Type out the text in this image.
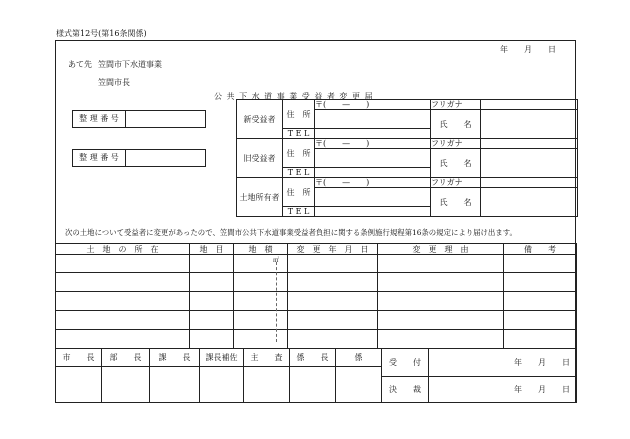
様式第12号(第16条関係)
年　　月　　日
あて先 笠間市下水道事業
笠間市長
公 共 下 水 道 事 業 受 益 者 変 更 届
整 理 番 号
整 理 番 号
新受益者	住　所	〒(　　—　　)	フリガナ	
			氏　　名	
	T E L			
旧受益者	住　所	〒(　　—　　)	フリガナ	
			氏　　名	
	T E L			
土地所有者	住　所	〒(　　—　　)	フリガナ	
			氏　　名	
	T E L			
次の土地について受益者に変更があったので、笠間市公共下水道事業受益者負担に関する条例施行規程第16条の規定により届け出ます。
土　地　の　所　在	地　目	地　積	変　更　年　月　日	変　更　理　由	備　　考
		㎡			

市　　長	部　　長	課　　長	課長補佐	主　　査	係　　長	係	受　　付	年　　月　　日

							決　　裁	年　　月　　日
